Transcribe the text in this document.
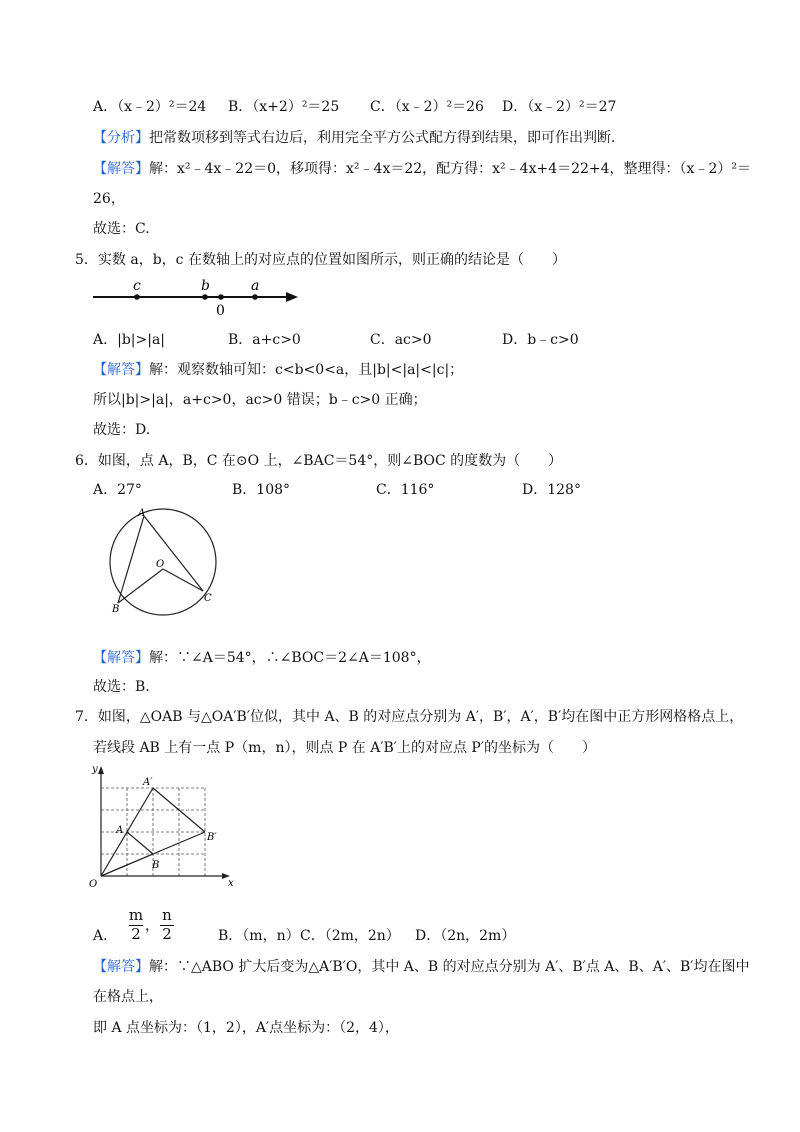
A．（x﹣2）²＝24 B．（x+2）²＝25 C．（x﹣2）²＝26 D．（x﹣2）²＝27
【分析】把常数项移到等式右边后，利用完全平方公式配方得到结果，即可作出判断.
【解答】解：x²﹣4x﹣22＝0，移项得：x²﹣4x＝22，配方得：x²﹣4x+4＝22+4，整理得：（x﹣2）²＝
26，
故选：C.
5．实数 a，b，c 在数轴上的对应点的位置如图所示，则正确的结论是（　　）
c	b	a
0
A．|b|>|a|	B．a+c>0	C．ac>0	D．b﹣c>0
【解答】解：观察数轴可知：c<b<0<a，且|b|<|a|<|c|；
所以|b|>|a|，a+c>0，ac>0 错误；b﹣c>0 正确；
故选：D.
6．如图，点 A，B，C 在⊙O 上，∠BAC＝54°，则∠BOC 的度数为（　　）
A．27°	B．108°	C．116°	D．128°
A
B
C
O
【解答】解：∵∠A＝54°，∴∠BOC＝2∠A＝108°，
故选：B.
7．如图，△OAB 与△OA′B′位似，其中 A、B 的对应点分别为 A′，B′，A′，B′均在图中正方形网格格点上，
若线段 AB 上有一点 P（m，n），则点 P 在 A′B′上的对应点 P′的坐标为（　　）
y
x
O
A′
A
B
B′
A．
m
2 ，
n
2	B．（m，n） C．（2m，2n） D．（2n，2m）
【解答】解：∵△ABO 扩大后变为△A′B′O，其中 A、B 的对应点分别为 A′、B′点 A、B、A′、B′均在图中
在格点上，
即 A 点坐标为：（1，2），A′点坐标为：（2，4），
